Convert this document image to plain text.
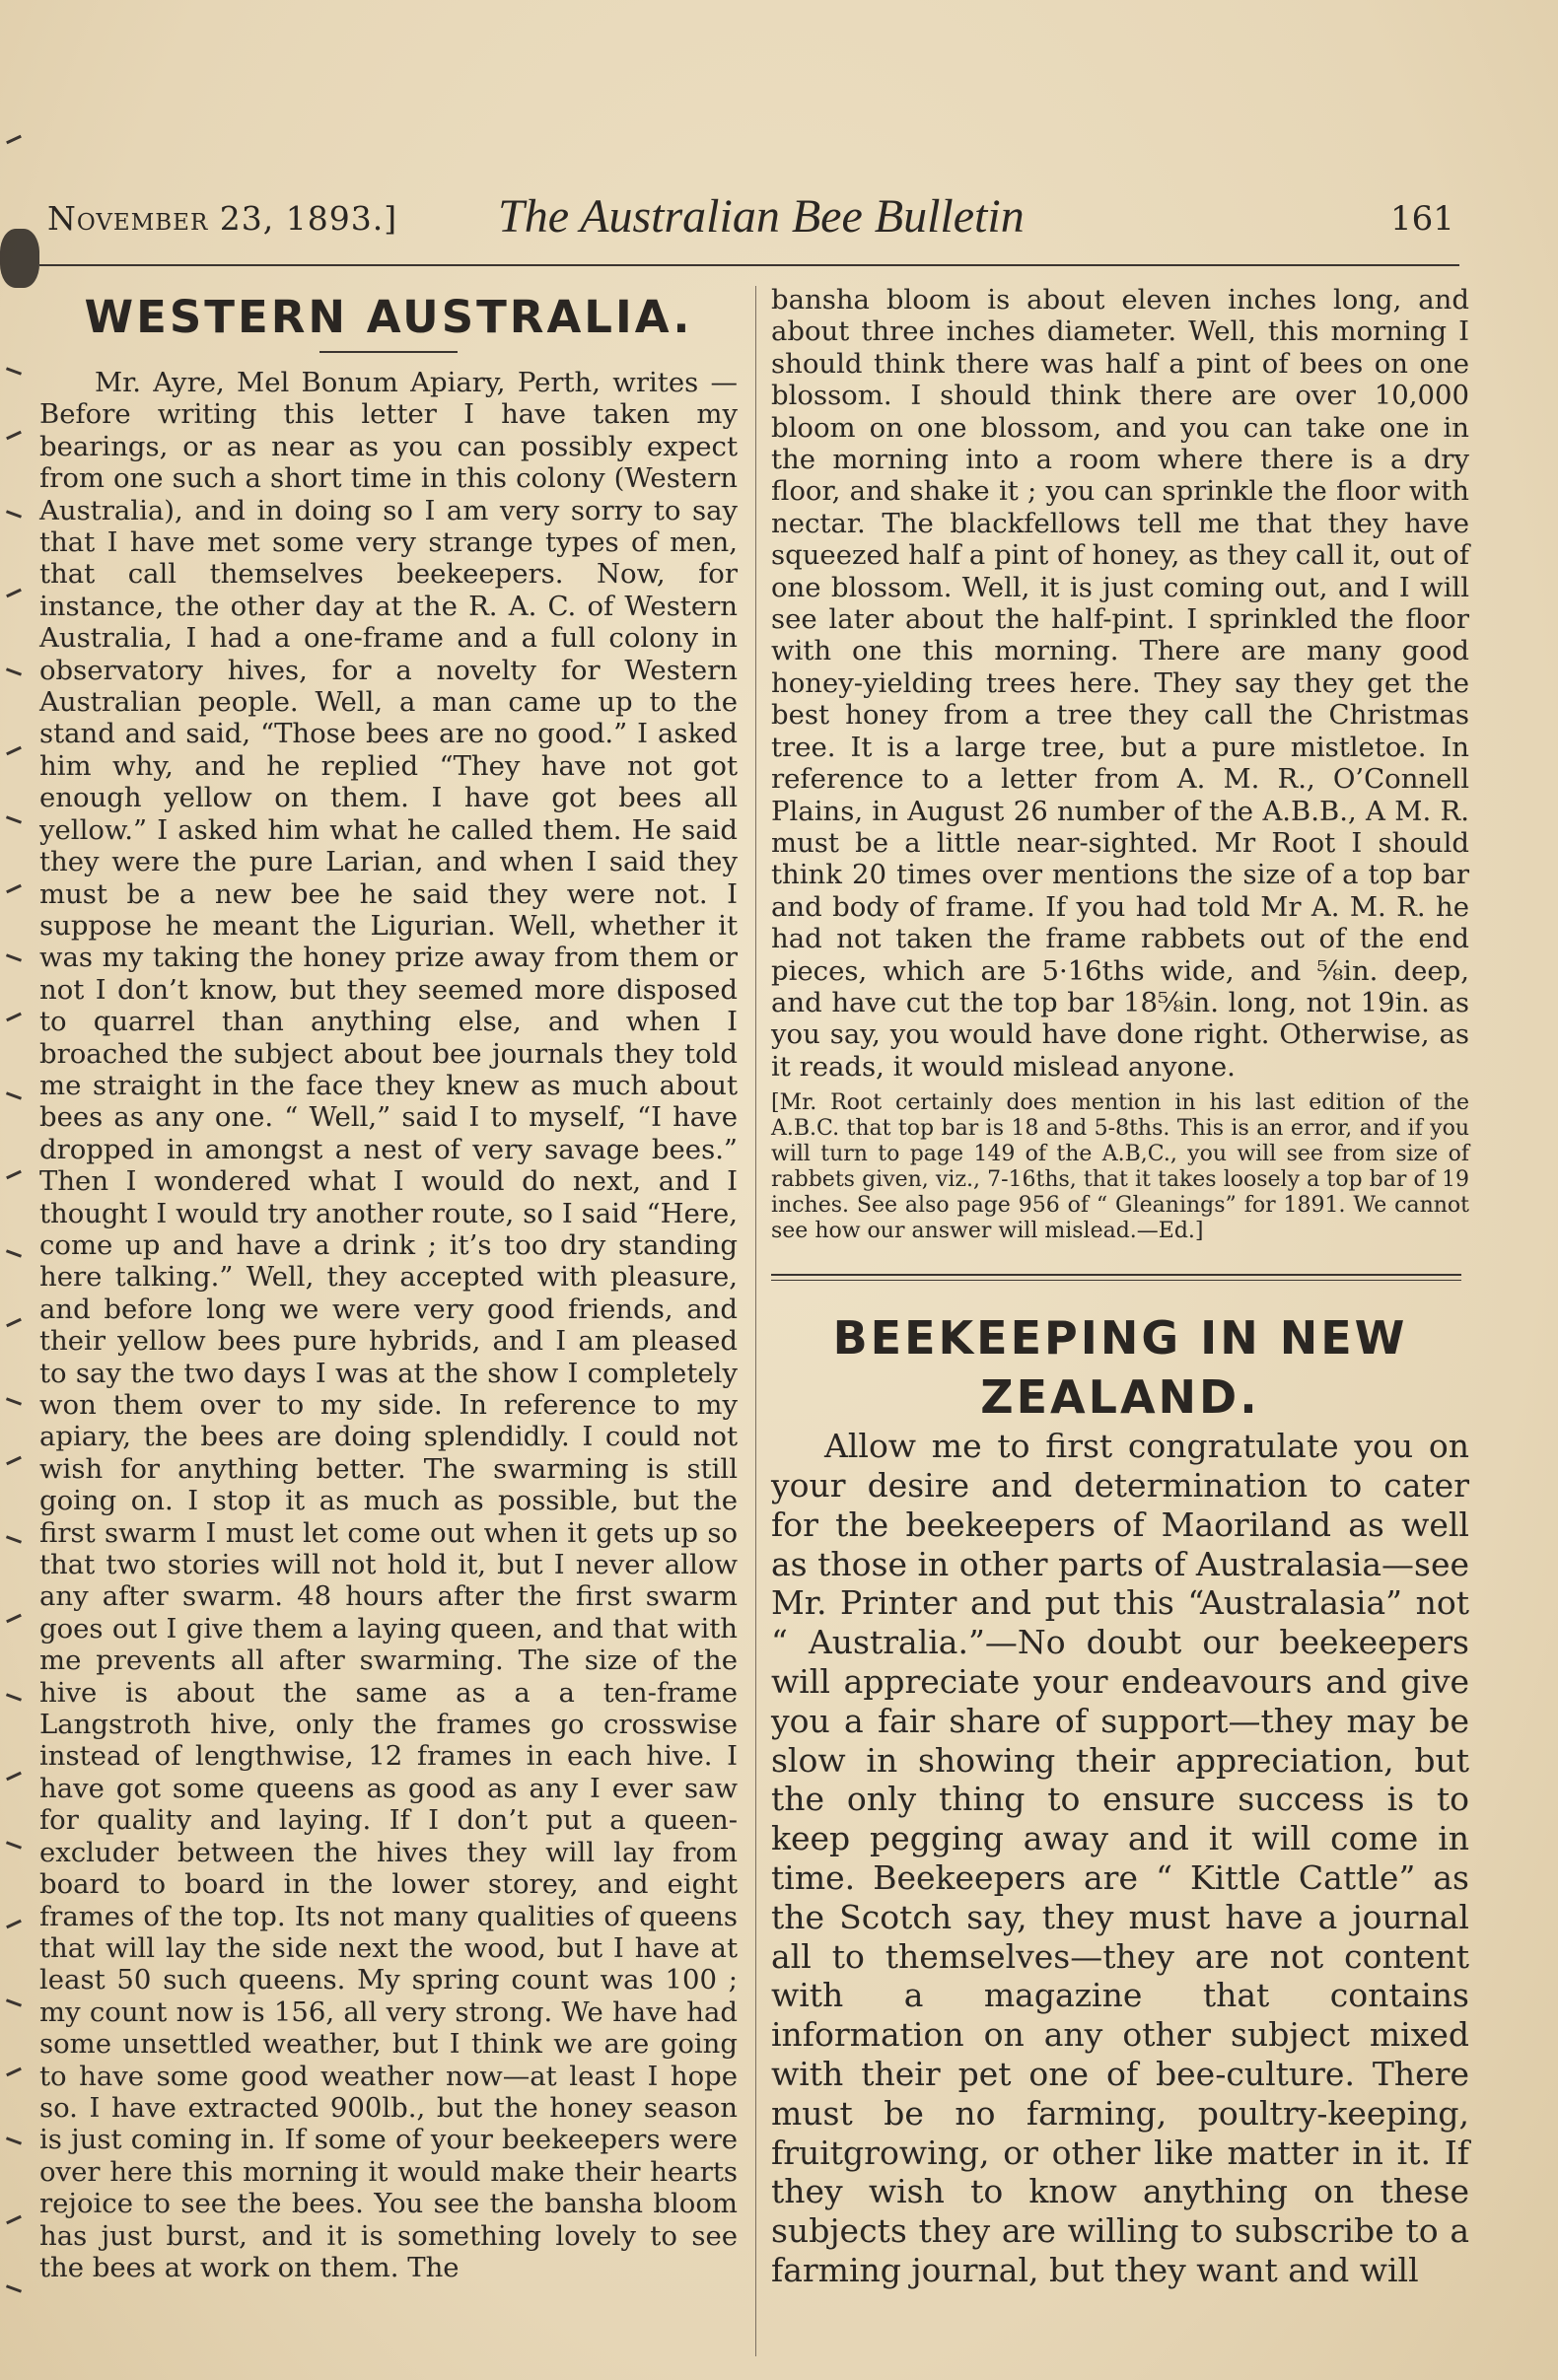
November 23, 1893.] The Australian Bee Bulletin	161
WESTERN AUSTRALIA.

Mr. Ayre, Mel Bonum Apiary, Perth, writes —Before writing this letter I have taken my bearings, or as near as you can possibly expect from one such a short time in this colony (Western Australia), and in doing so I am very sorry to say that I have met some very strange types of men, that call themselves beekeepers. Now, for instance, the other day at the R. A. C. of Western Australia, I had a one-frame and a full colony in observatory hives, for a novelty for Western Australian people. Well, a man came up to the stand and said, “Those bees are no good.” I asked him why, and he replied “They have not got enough yellow on them. I have got bees all yellow.” I asked him what he called them. He said they were the pure Larian, and when I said they must be a new bee he said they were not. I suppose he meant the Ligurian. Well, whether it was my taking the honey prize away from them or not I don’t know, but they seemed more disposed to quarrel than anything else, and when I broached the subject about bee journals they told me straight in the face they knew as much about bees as any one. “ Well,” said I to myself, “I have dropped in amongst a nest of very savage bees.” Then I wondered what I would do next, and I thought I would try another route, so I said “Here, come up and have a drink ; it’s too dry standing here talking.” Well, they accepted with pleasure, and before long we were very good friends, and their yellow bees pure hybrids, and I am pleased to say the two days I was at the show I completely won them over to my side. In reference to my apiary, the bees are doing splendidly. I could not wish for anything better. The swarming is still going on. I stop it as much as possible, but the first swarm I must let come out when it gets up so that two stories will not hold it, but I never allow any after swarm. 48 hours after the first swarm goes out I give them a laying queen, and that with me prevents all after swarming. The size of the hive is about the same as a a ten-frame Langstroth hive, only the frames go crosswise instead of lengthwise, 12 frames in each hive. I have got some queens as good as any I ever saw for quality and laying. If I don’t put a queen-excluder between the hives they will lay from board to board in the lower storey, and eight frames of the top. Its not many qualities of queens that will lay the side next the wood, but I have at least 50 such queens. My spring count was 100 ; my count now is 156, all very strong. We have had some unsettled weather, but I think we are going to have some good weather now—at least I hope so. I have extracted 900lb., but the honey season is just coming in. If some of your beekeepers were over here this morning it would make their hearts rejoice to see the bees. You see the bansha bloom has just burst, and it is something lovely to see the bees at work on them. The

bansha bloom is about eleven inches long, and about three inches diameter. Well, this morning I should think there was half a pint of bees on one blossom. I should think there are over 10,000 bloom on one blossom, and you can take one in the morning into a room where there is a dry floor, and shake it ; you can sprinkle the floor with nectar. The blackfellows tell me that they have squeezed half a pint of honey, as they call it, out of one blossom. Well, it is just coming out, and I will see later about the half-pint. I sprinkled the floor with one this morning. There are many good honey-yielding trees here. They say they get the best honey from a tree they call the Christmas tree. It is a large tree, but a pure mistletoe. In reference to a letter from A. M. R., O’Connell Plains, in August 26 number of the A.B.B., A M. R. must be a little near-sighted. Mr Root I should think 20 times over mentions the size of a top bar and body of frame. If you had told Mr A. M. R. he had not taken the frame rabbets out of the end pieces, which are 5·16ths wide, and ⅝in. deep, and have cut the top bar 18⅝in. long, not 19in. as you say, you would have done right. Otherwise, as it reads, it would mislead anyone.

[Mr. Root certainly does mention in his last edition of the A.B.C. that top bar is 18 and 5-8ths. This is an error, and if you will turn to page 149 of the A.B,C., you will see from size of rabbets given, viz., 7-16ths, that it takes loosely a top bar of 19 inches. See also page 956 of “ Gleanings” for 1891. We cannot see how our answer will mislead.—Ed.]

BEEKEEPING IN NEW ZEALAND.

Allow me to first congratulate you on your desire and determination to cater for the beekeepers of Maoriland as well as those in other parts of Australasia—see Mr. Printer and put this “Australasia” not “ Australia.”—No doubt our beekeepers will appreciate your endeavours and give you a fair share of support—they may be slow in showing their appreciation, but the only thing to ensure success is to keep pegging away and it will come in time. Beekeepers are “ Kittle Cattle” as the Scotch say, they must have a journal all to themselves—they are not content with a magazine that contains information on any other subject mixed with their pet one of bee-culture. There must be no farming, poultry-keeping, fruitgrowing, or other like matter in it. If they wish to know anything on these subjects they are willing to subscribe to a farming journal, but they want and will
